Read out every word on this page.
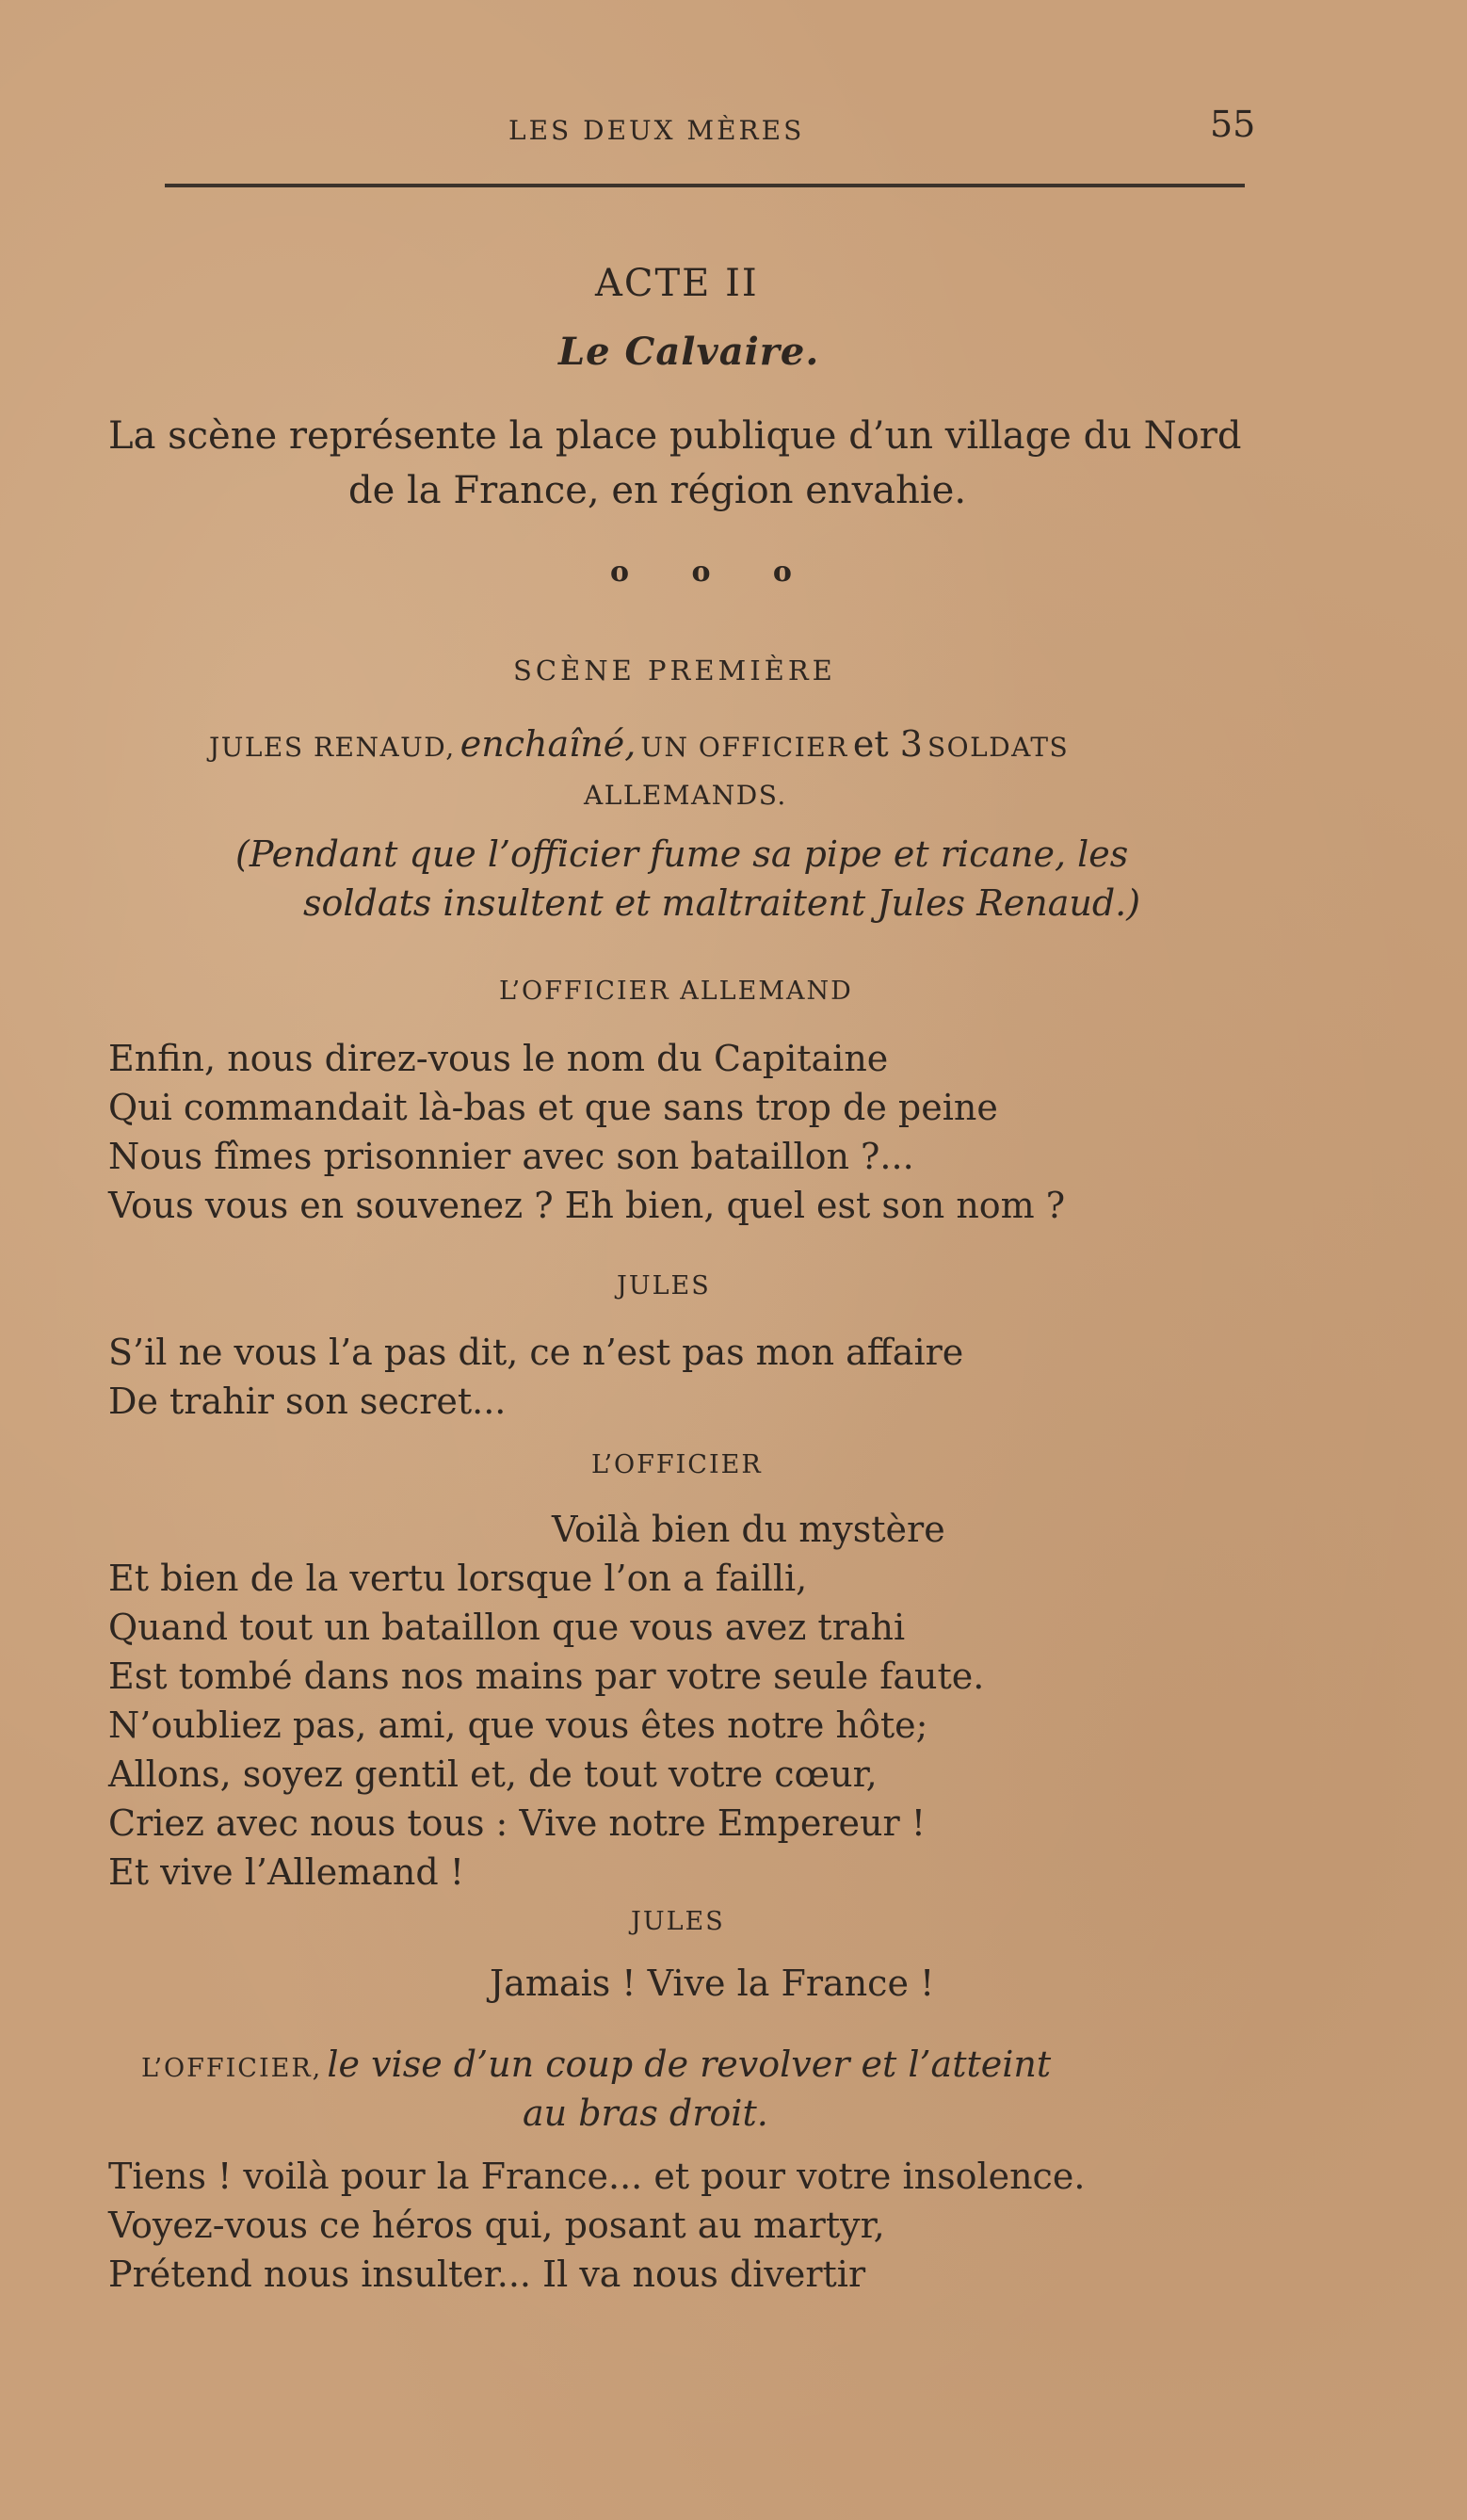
LES DEUX MÈRES	55
ACTE II
Le Calvaire.
La scène représente la place publique d’un village du Nord
de la France, en région envahie.
o o o
SCÈNE PREMIÈRE
JULES RENAUD, enchaîné, UN OFFICIER et 3 SOLDATS
ALLEMANDS.
(Pendant que l’officier fume sa pipe et ricane, les
soldats insultent et maltraitent Jules Renaud.)
L’OFFICIER ALLEMAND
Enfin, nous direz-vous le nom du Capitaine
Qui commandait là-bas et que sans trop de peine
Nous fîmes prisonnier avec son bataillon ?...
Vous vous en souvenez ? Eh bien, quel est son nom ?
JULES
S’il ne vous l’a pas dit, ce n’est pas mon affaire
De trahir son secret...
L’OFFICIER
Voilà bien du mystère
Et bien de la vertu lorsque l’on a failli,
Quand tout un bataillon que vous avez trahi
Est tombé dans nos mains par votre seule faute.
N’oubliez pas, ami, que vous êtes notre hôte;
Allons, soyez gentil et, de tout votre cœur,
Criez avec nous tous : Vive notre Empereur !
Et vive l’Allemand !
JULES
Jamais ! Vive la France !
L’OFFICIER, le vise d’un coup de revolver et l’atteint
au bras droit.
Tiens ! voilà pour la France... et pour votre insolence.
Voyez-vous ce héros qui, posant au martyr,
Prétend nous insulter... Il va nous divertir
